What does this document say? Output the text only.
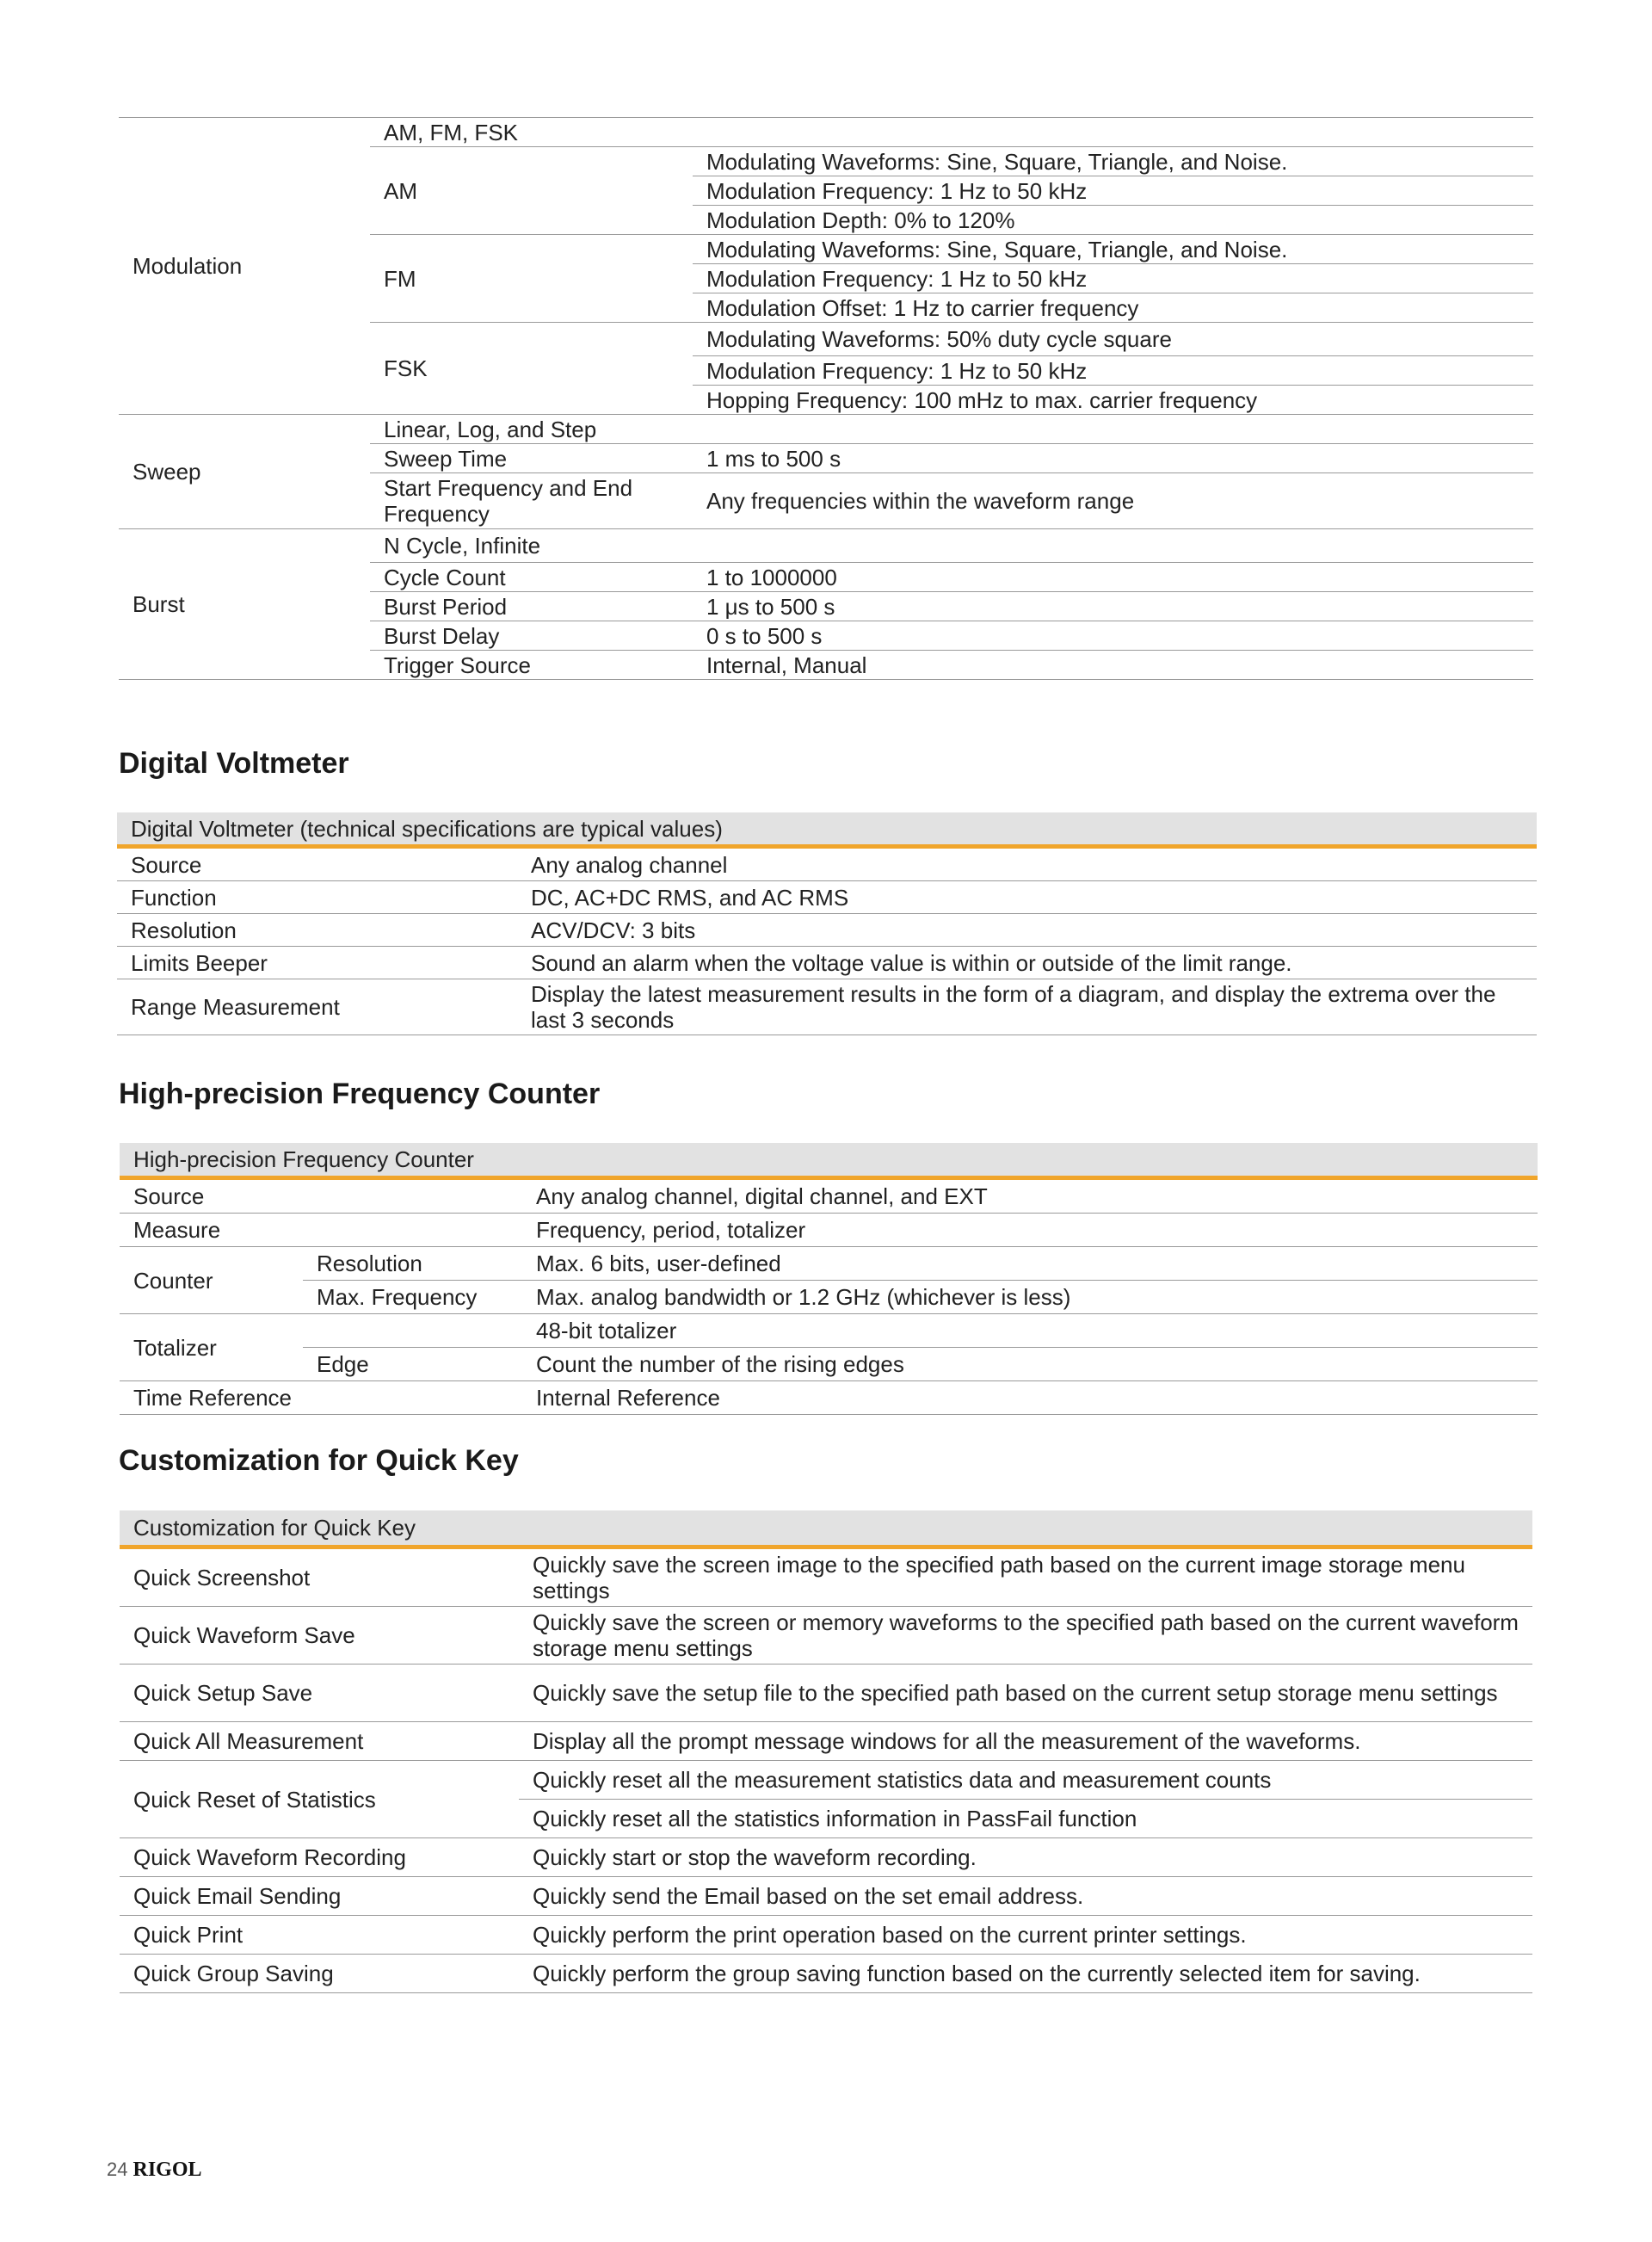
Modulation	AM, FM, FSK	
	AM	Modulating Waveforms: Sine, Square, Triangle, and Noise.
		Modulation Frequency: 1 Hz to 50 kHz
		Modulation Depth: 0% to 120%
	FM	Modulating Waveforms: Sine, Square, Triangle, and Noise.
		Modulation Frequency: 1 Hz to 50 kHz
		Modulation Offset: 1 Hz to carrier frequency
	FSK	Modulating Waveforms: 50% duty cycle square
		Modulation Frequency: 1 Hz to 50 kHz
		Hopping Frequency: 100 mHz to max. carrier frequency
Sweep	Linear, Log, and Step	
	Sweep Time	1 ms to 500 s
	Start Frequency and End Frequency	Any frequencies within the waveform range
Burst	N Cycle, Infinite	
	Cycle Count	1 to 1000000
	Burst Period	1 μs to 500 s
	Burst Delay	0 s to 500 s
	Trigger Source	Internal, Manual
Digital Voltmeter
Digital Voltmeter (technical specifications are typical values)	
Source	Any analog channel
Function	DC, AC+DC RMS, and AC RMS
Resolution	ACV/DCV: 3 bits
Limits Beeper	Sound an alarm when the voltage value is within or outside of the limit range.
Range Measurement	Display the latest measurement results in the form of a diagram, and display the extrema over the last 3 seconds
High-precision Frequency Counter
High-precision Frequency Counter		
Source		Any analog channel, digital channel, and EXT
Measure		Frequency, period, totalizer
Counter	Resolution	Max. 6 bits, user-defined
	Max. Frequency	Max. analog bandwidth or 1.2 GHz (whichever is less)
Totalizer		48-bit totalizer
	Edge	Count the number of the rising edges
Time Reference		Internal Reference
Customization for Quick Key
Customization for Quick Key	
Quick Screenshot	Quickly save the screen image to the specified path based on the current image storage menu settings
Quick Waveform Save	Quickly save the screen or memory waveforms to the specified path based on the current waveform storage menu settings
Quick Setup Save	Quickly save the setup file to the specified path based on the current setup storage menu settings
Quick All Measurement	Display all the prompt message windows for all the measurement of the waveforms.
Quick Reset of Statistics	Quickly reset all the measurement statistics data and measurement counts
	Quickly reset all the statistics information in PassFail function
Quick Waveform Recording	Quickly start or stop the waveform recording.
Quick Email Sending	Quickly send the Email based on the set email address.
Quick Print	Quickly perform the print operation based on the current printer settings.
Quick Group Saving	Quickly perform the group saving function based on the currently selected item for saving.
24 RIGOL
